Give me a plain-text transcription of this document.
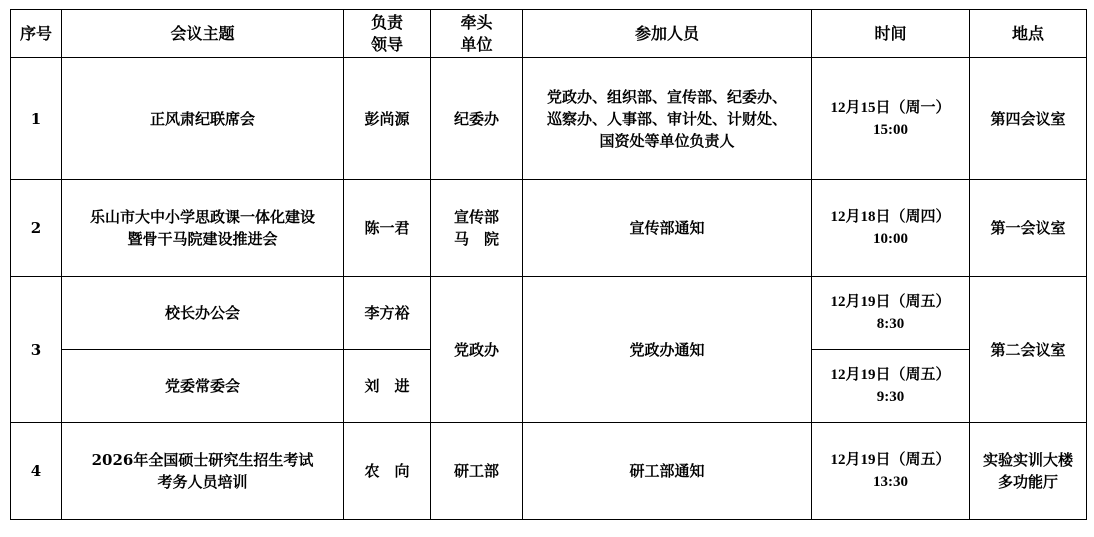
序号	会议主题	负责
领导	牵头
单位	参加人员	时间	地点
1	正风肃纪联席会	彭尚源	纪委办	党政办、组织部、宣传部、纪委办、
巡察办、人事部、审计处、计财处、
国资处等单位负责人	12月15日（周一）
15:00	第四会议室
2	乐山市大中小学思政课一体化建设
暨骨干马院建设推进会	陈一君	宣传部
马　院	宣传部通知	12月18日（周四）
10:00	第一会议室
3	校长办公会	李方裕	党政办	党政办通知	12月19日（周五）
8:30	第二会议室
	党委常委会	刘　进			12月19日（周五）
9:30	
4	2026年全国硕士研究生招生考试
考务人员培训	农　向	研工部	研工部通知	12月19日（周五）
13:30	实验实训大楼
多功能厅
